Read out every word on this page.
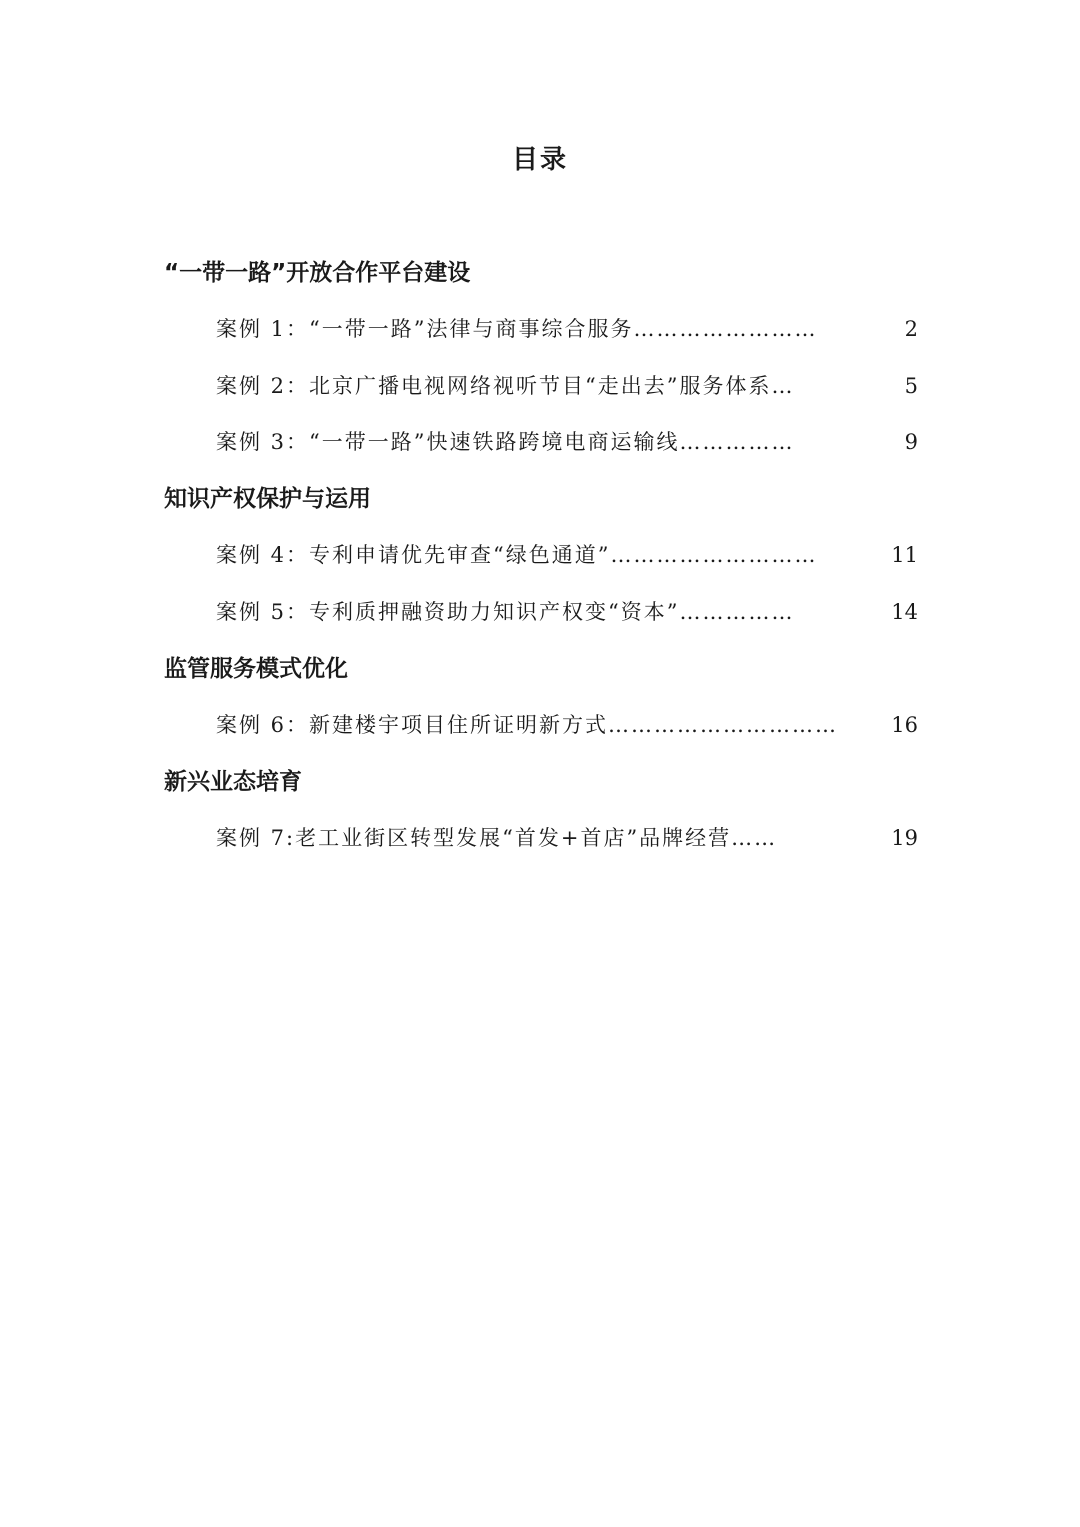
目录
“一带一路”开放合作平台建设
案例 1：“一带一路”法律与商事综合服务……………………	2
案例 2：北京广播电视网络视听节目“走出去”服务体系…	5
案例 3：“一带一路”快速铁路跨境电商运输线……………	9
知识产权保护与运用
案例 4：专利申请优先审查“绿色通道”………………………	11
案例 5：专利质押融资助力知识产权变“资本”……………	14
监管服务模式优化
案例 6：新建楼宇项目住所证明新方式…………………………	16
新兴业态培育
案例 7:老工业街区转型发展“首发+首店”品牌经营……	19
